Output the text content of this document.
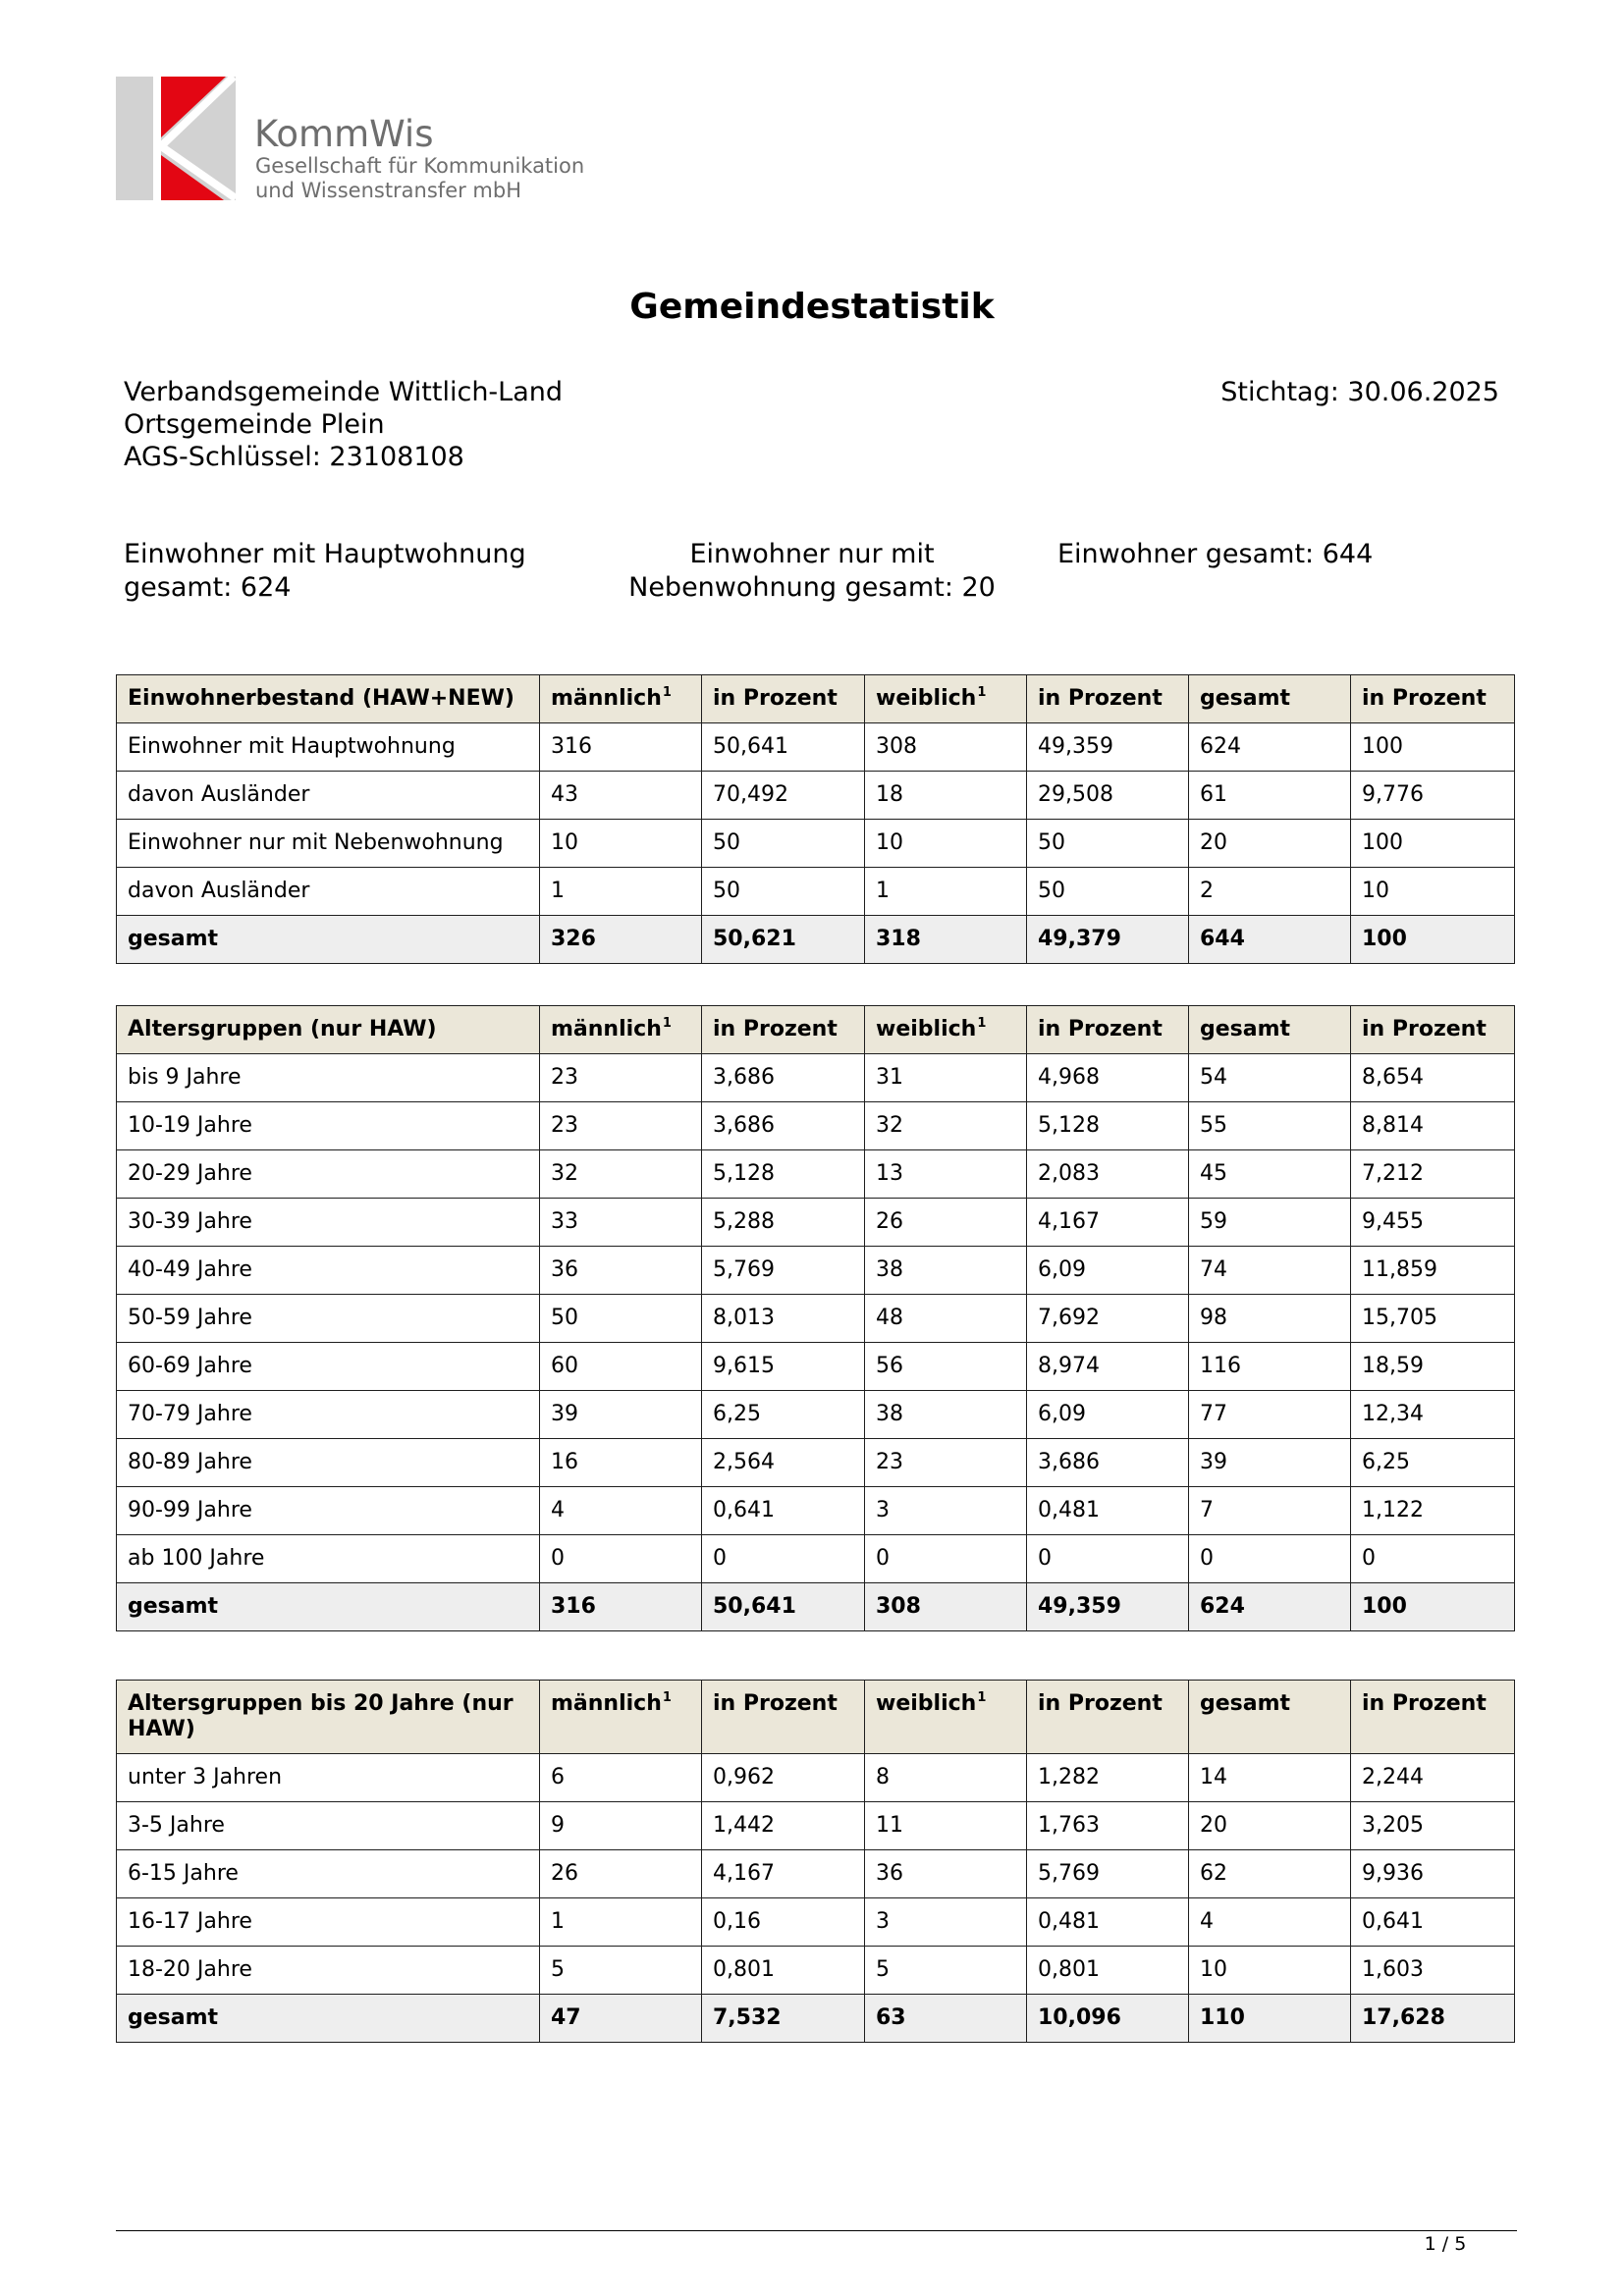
KommWis
Gesellschaft für Kommunikation
und Wissenstransfer mbH
Gemeindestatistik
Verbandsgemeinde Wittlich-Land
Ortsgemeinde Plein
AGS-Schlüssel: 23108108
Stichtag: 30.06.2025
Einwohner mit Hauptwohnung
gesamt: 624
Einwohner nur mit
Nebenwohnung gesamt: 20
Einwohner gesamt: 644
Einwohnerbestand (HAW+NEW)	männlich$^1$	in Prozent	weiblich$^1$	in Prozent	gesamt	in Prozent
Einwohner mit Hauptwohnung	316	50,641	308	49,359	624	100
davon Ausländer	43	70,492	18	29,508	61	9,776
Einwohner nur mit Nebenwohnung	10	50	10	50	20	100
davon Ausländer	1	50	1	50	2	10
gesamt	326	50,621	318	49,379	644	100
Altersgruppen (nur HAW)	männlich$^1$	in Prozent	weiblich$^1$	in Prozent	gesamt	in Prozent
bis 9 Jahre	23	3,686	31	4,968	54	8,654
10-19 Jahre	23	3,686	32	5,128	55	8,814
20-29 Jahre	32	5,128	13	2,083	45	7,212
30-39 Jahre	33	5,288	26	4,167	59	9,455
40-49 Jahre	36	5,769	38	6,09	74	11,859
50-59 Jahre	50	8,013	48	7,692	98	15,705
60-69 Jahre	60	9,615	56	8,974	116	18,59
70-79 Jahre	39	6,25	38	6,09	77	12,34
80-89 Jahre	16	2,564	23	3,686	39	6,25
90-99 Jahre	4	0,641	3	0,481	7	1,122
ab 100 Jahre	0	0	0	0	0	0
gesamt	316	50,641	308	49,359	624	100
Altersgruppen bis 20 Jahre (nur HAW)	männlich$^1$	in Prozent	weiblich$^1$	in Prozent	gesamt	in Prozent
unter 3 Jahren	6	0,962	8	1,282	14	2,244
3-5 Jahre	9	1,442	11	1,763	20	3,205
6-15 Jahre	26	4,167	36	5,769	62	9,936
16-17 Jahre	1	0,16	3	0,481	4	0,641
18-20 Jahre	5	0,801	5	0,801	10	1,603
gesamt	47	7,532	63	10,096	110	17,628
1 / 5
